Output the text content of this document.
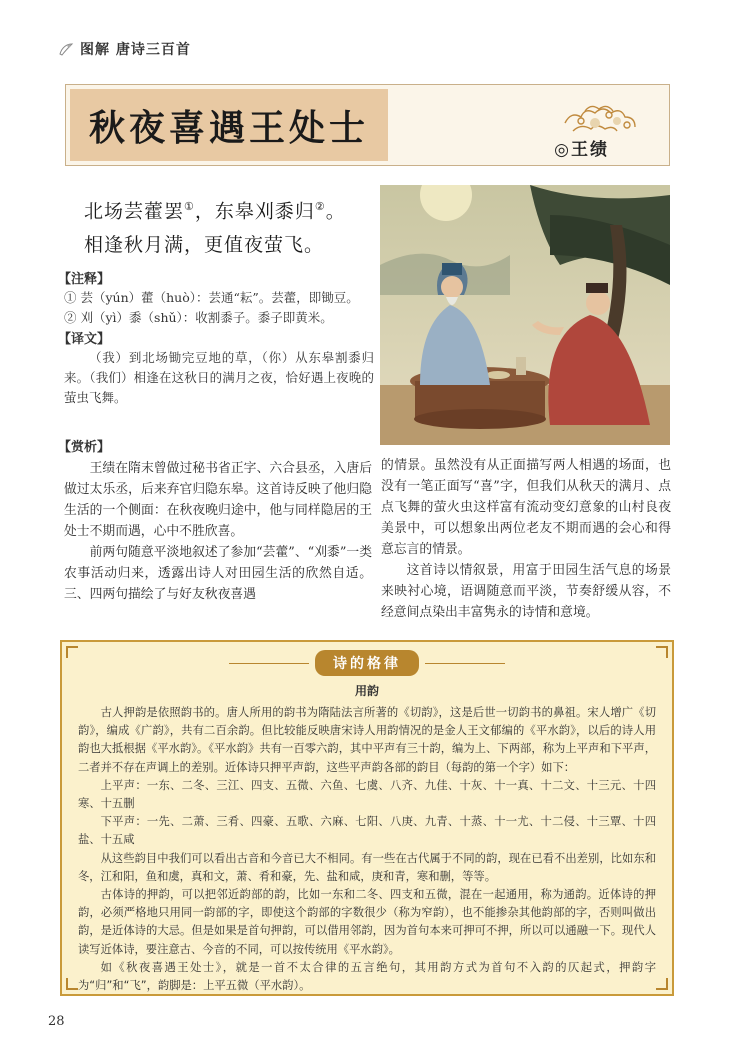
图解 唐诗三百首
秋夜喜遇王处士
◎王绩
北场芸藿罢①，东皋刈黍归②。
相逢秋月满，更值夜萤飞。
【注释】
① 芸（yún）藿（huò）：芸通“耘”。芸藿，即锄豆。
② 刈（yì）黍（shǔ）：收割黍子。黍子即黄米。
【译文】
（我）到北场锄完豆地的草，（你）从东皋割黍归来。（我们）相逢在这秋日的满月之夜，恰好遇上夜晚的萤虫飞舞。
【赏析】

王绩在隋末曾做过秘书省正字、六合县丞，入唐后做过太乐丞，后来弃官归隐东皋。这首诗反映了他归隐生活的一个侧面：在秋夜晚归途中，他与同样隐居的王处士不期而遇，心中不胜欣喜。

前两句随意平淡地叙述了参加“芸藿”、“刈黍”一类农事活动归来，透露出诗人对田园生活的欣然自适。三、四两句描绘了与好友秋夜喜遇

的情景。虽然没有从正面描写两人相遇的场面，也没有一笔正面写“喜”字，但我们从秋天的满月、点点飞舞的萤火虫这样富有流动变幻意象的山村良夜美景中，可以想象出两位老友不期而遇的会心和得意忘言的情景。

这首诗以情叙景，用富于田园生活气息的场景来映衬心境，语调随意而平淡，节奏舒缓从容，不经意间点染出丰富隽永的诗情和意境。

诗的格律
用韵

古人押韵是依照韵书的。唐人所用的韵书为隋陆法言所著的《切韵》，这是后世一切韵书的鼻祖。宋人增广《切韵》，编成《广韵》，共有二百余韵。但比较能反映唐宋诗人用韵情况的是金人王文郁编的《平水韵》，以后的诗人用韵也大抵根据《平水韵》。《平水韵》共有一百零六韵，其中平声有三十韵，编为上、下两部，称为上平声和下平声，二者并不存在声调上的差别。近体诗只押平声韵，这些平声韵各部的韵目（每韵的第一个字）如下：

上平声：一东、二冬、三江、四支、五微、六鱼、七虞、八齐、九佳、十灰、十一真、十二文、十三元、十四寒、十五删

下平声：一先、二萧、三肴、四豪、五歌、六麻、七阳、八庚、九青、十蒸、十一尤、十二侵、十三覃、十四盐、十五咸

从这些韵目中我们可以看出古音和今音已大不相同。有一些在古代属于不同的韵，现在已看不出差别，比如东和冬，江和阳，鱼和虞，真和文，萧、肴和豪，先、盐和咸，庚和青，寒和删，等等。

古体诗的押韵，可以把邻近韵部的韵，比如一东和二冬、四支和五微，混在一起通用，称为通韵。近体诗的押韵，必须严格地只用同一韵部的字，即使这个韵部的字数很少（称为窄韵），也不能掺杂其他韵部的字，否则叫做出韵，是近体诗的大忌。但是如果是首句押韵，可以借用邻韵，因为首句本来可押可不押，所以可以通融一下。现代人读写近体诗，要注意古、今音的不同，可以按传统用《平水韵》。

如《秋夜喜遇王处士》，就是一首不太合律的五言绝句，其用韵方式为首句不入韵的仄起式，押韵字为“归”和“飞”，韵脚是：上平五微（平水韵）。

28
